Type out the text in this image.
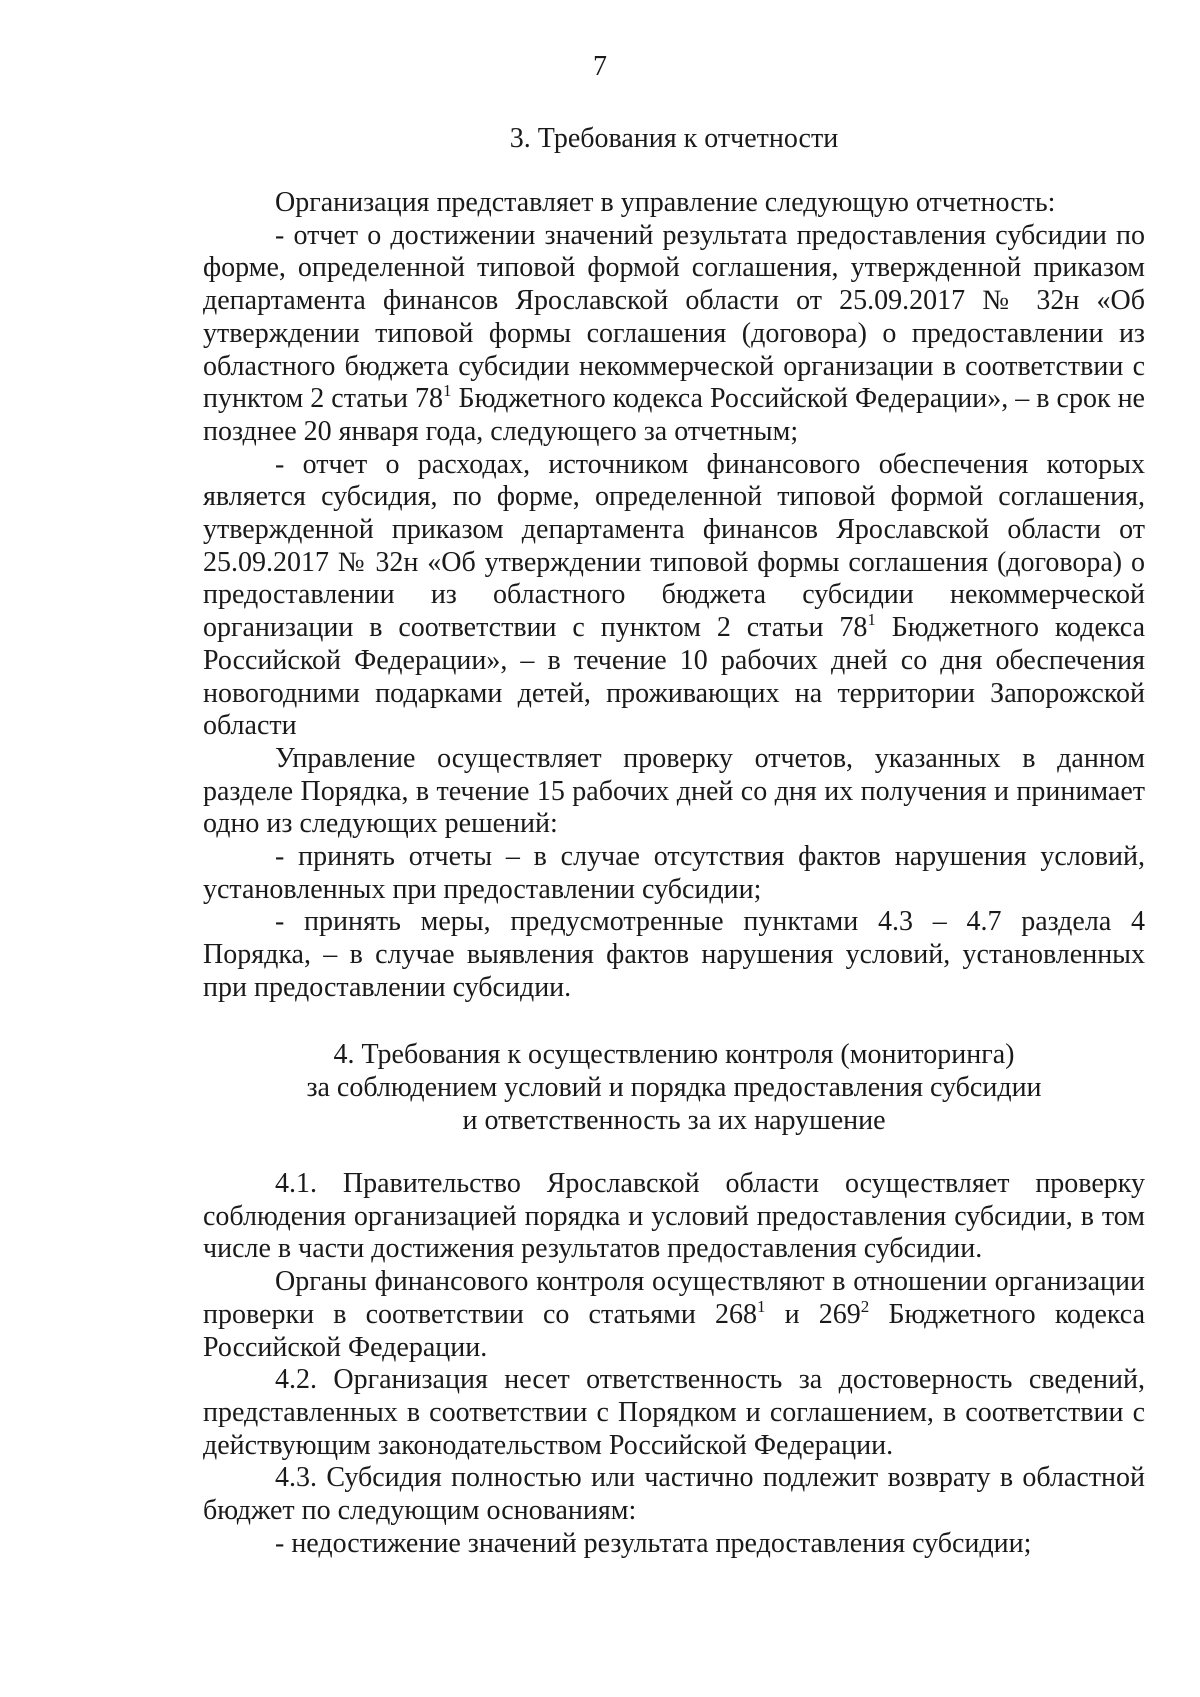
7
3. Требования к отчетности

Организация представляет в управление следующую отчетность:

- отчет о достижении значений результата предоставления субсидии по форме, определенной типовой формой соглашения, утвержденной приказом департамента финансов Ярославской области от 25.09.2017 № 32н «Об утверждении типовой формы соглашения (договора) о предоставлении из областного бюджета субсидии некоммерческой организации в соответствии с пунктом 2 статьи $78^1$ Бюджетного кодекса Российской Федерации», – в срок не позднее 20 января года, следующего за отчетным;

- отчет о расходах, источником финансового обеспечения которых является субсидия, по форме, определенной типовой формой соглашения, утвержденной приказом департамента финансов Ярославской области от 25.09.2017 № 32н «Об утверждении типовой формы соглашения (договора) о предоставлении из областного бюджета субсидии некоммерческой организации в соответствии с пунктом 2 статьи $78^1$ Бюджетного кодекса Российской Федерации», – в течение 10 рабочих дней со дня обеспечения новогодними подарками детей, проживающих на территории Запорожской области

Управление осуществляет проверку отчетов, указанных в данном разделе Порядка, в течение 15 рабочих дней со дня их получения и принимает одно из следующих решений:

- принять отчеты – в случае отсутствия фактов нарушения условий, установленных при предоставлении субсидии;

- принять меры, предусмотренные пунктами 4.3 – 4.7 раздела 4 Порядка, – в случае выявления фактов нарушения условий, установленных при предоставлении субсидии.

4. Требования к осуществлению контроля (мониторинга)
за соблюдением условий и порядка предоставления субсидии
и ответственность за их нарушение

4.1. Правительство Ярославской области осуществляет проверку соблюдения организацией порядка и условий предоставления субсидии, в том числе в части достижения результатов предоставления субсидии.

Органы финансового контроля осуществляют в отношении организации проверки в соответствии со статьями $268^1$ и $269^2$ Бюджетного кодекса Российской Федерации.

4.2. Организация несет ответственность за достоверность сведений, представленных в соответствии с Порядком и соглашением, в соответствии с действующим законодательством Российской Федерации.

4.3. Субсидия полностью или частично подлежит возврату в областной бюджет по следующим основаниям:

- недостижение значений результата предоставления субсидии;
